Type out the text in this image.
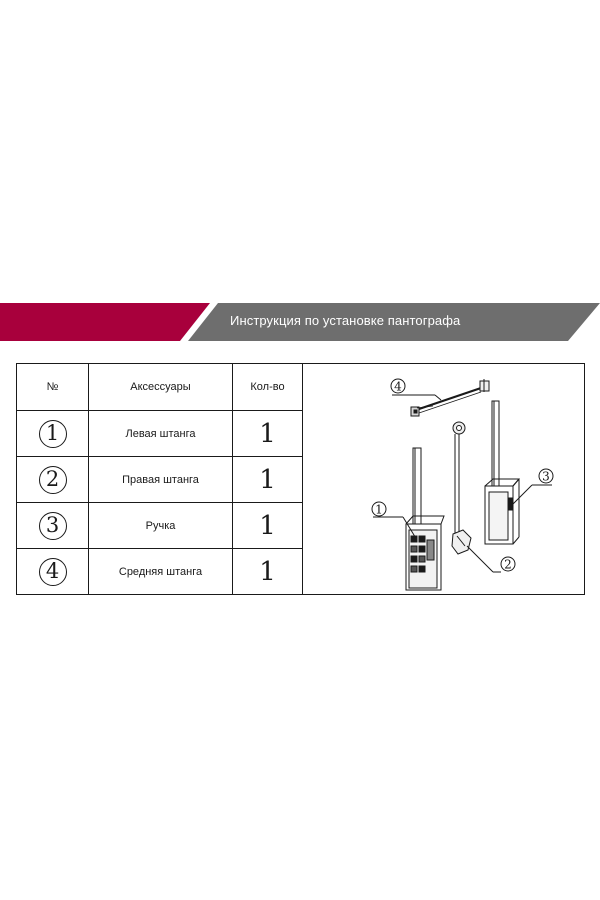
Инструкция по установке пантографа
№	Аксессуары	Кол-во	4
1
2
3

1	Левая штанга	1	
2	Правая штанга	1	
3	Ручка	1	
4	Средняя штанга	1	
